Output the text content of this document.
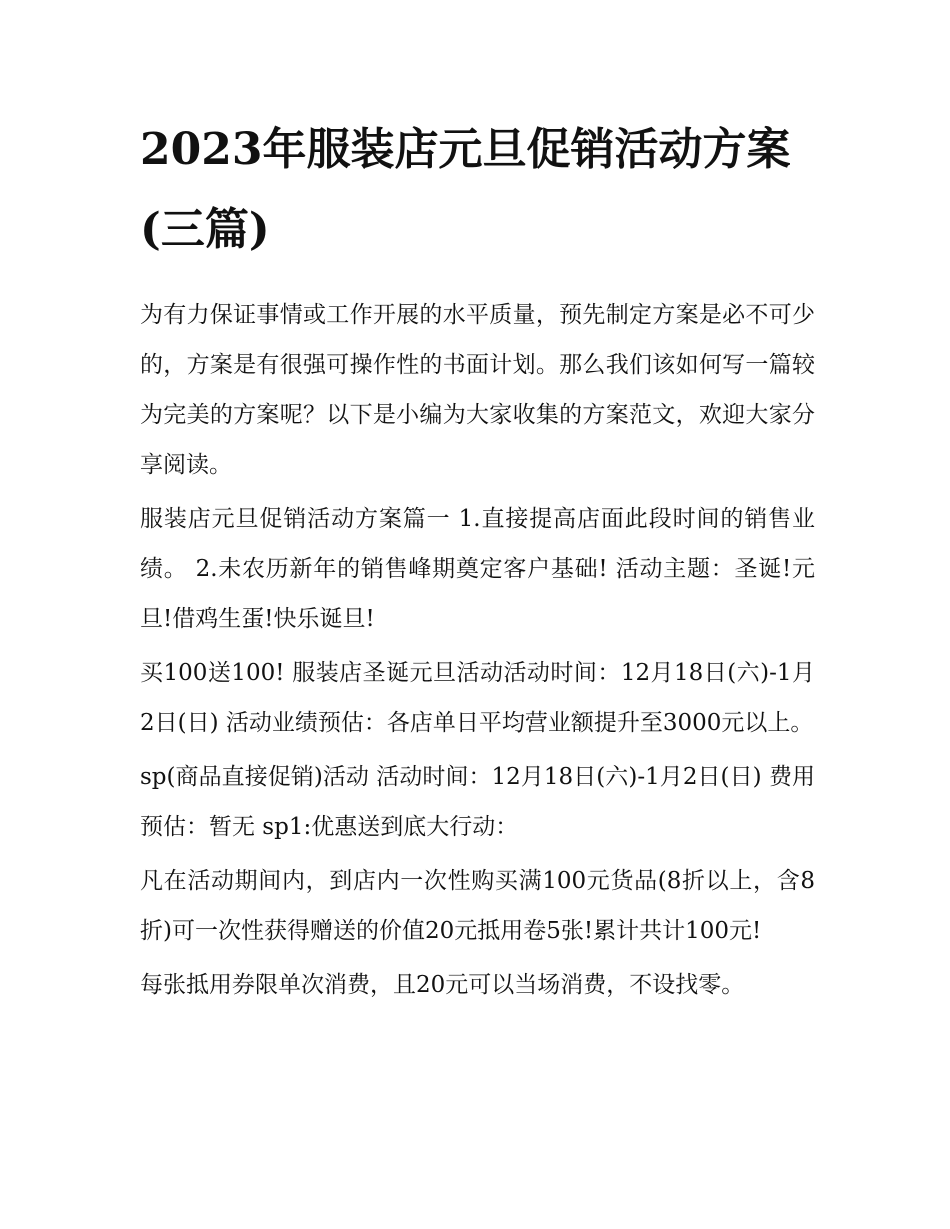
2023年服装店元旦促销活动方案(三篇)

为有力保证事情或工作开展的水平质量，预先制定方案是必不可少的，方案是有很强可操作性的书面计划。那么我们该如何写一篇较为完美的方案呢？以下是小编为大家收集的方案范文，欢迎大家分享阅读。

服装店元旦促销活动方案篇一 1.直接提高店面此段时间的销售业绩。 2.未农历新年的销售峰期奠定客户基础! 活动主题：圣诞!元旦!借鸡生蛋!快乐诞旦!

买100送100! 服装店圣诞元旦活动活动时间：12月18日(六)-1月2日(日) 活动业绩预估：各店单日平均营业额提升至3000元以上。

sp(商品直接促销)活动 活动时间：12月18日(六)-1月2日(日) 费用预估：暂无 sp1:优惠送到底大行动：

凡在活动期间内，到店内一次性购买满100元货品(8折以上，含8折)可一次性获得赠送的价值20元抵用卷5张!累计共计100元!

每张抵用券限单次消费，且20元可以当场消费，不设找零。
